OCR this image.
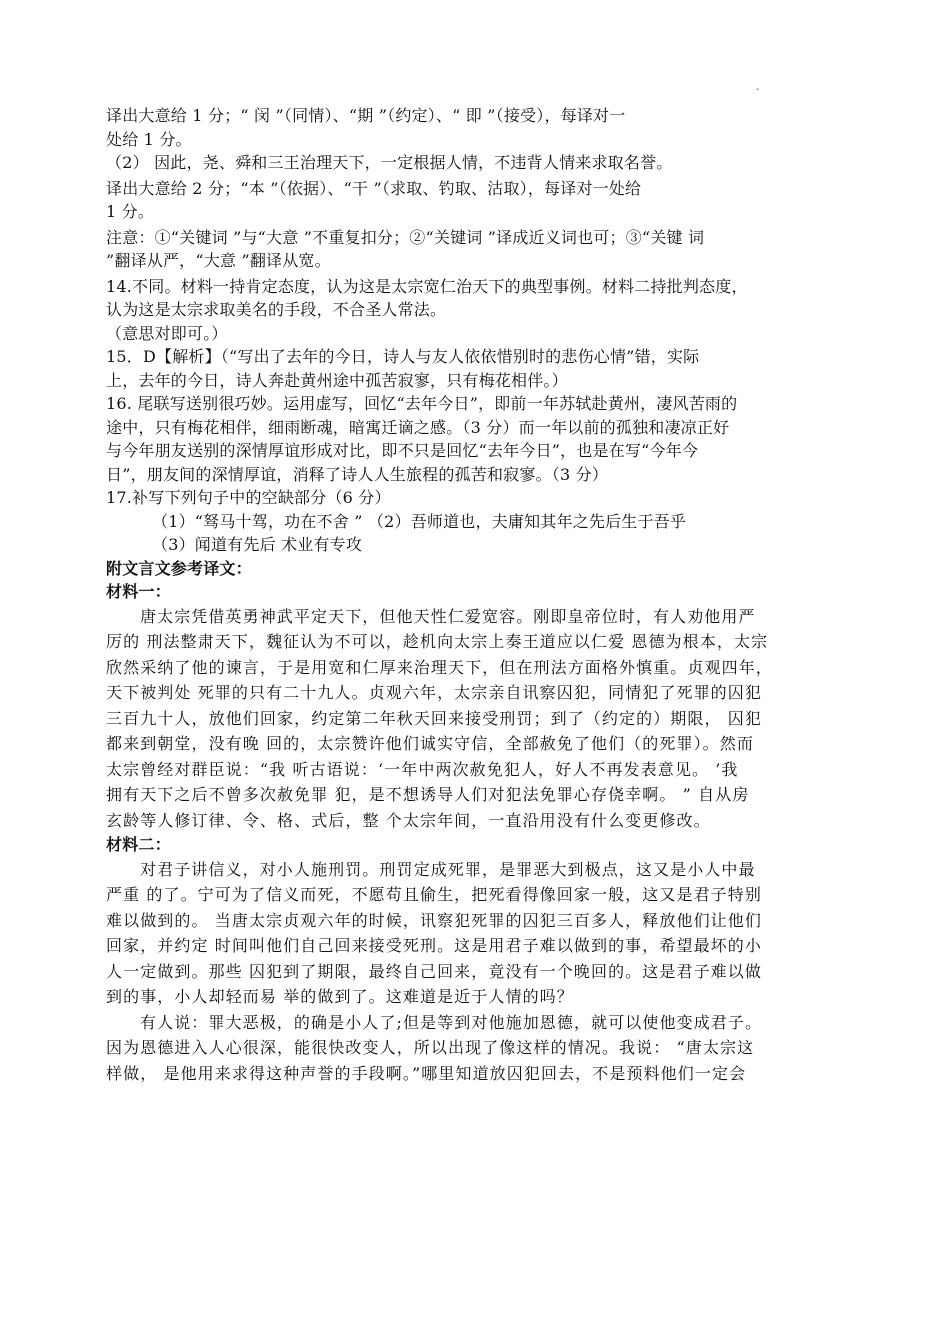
-
译出大意给 1 分；“ 闵 ”（同情）、“期 ”（约定）、“ 即 ”（接受），每译对一
处给 1 分。
（2） 因此，尧、舜和三王治理天下，一定根据人情，不违背人情来求取名誉。
译出大意给 2 分；“本 ”（依据）、“干 ”（求取、钓取、沽取），每译对一处给
1 分。
注意：①“关键词 ”与“大意 ”不重复扣分；②“关键词 ”译成近义词也可；③“关键 词
”翻译从严，“大意 ”翻译从宽。
14.不同。材料一持肯定态度，认为这是太宗宽仁治天下的典型事例。材料二持批判态度，
认为这是太宗求取美名的手段，不合圣人常法。
（意思对即可。）
15．D【解析】（“写出了去年的今日，诗人与友人依依惜别时的悲伤心情”错，实际
上，去年的今日，诗人奔赴黄州途中孤苦寂寥，只有梅花相伴。）
16. 尾联写送别很巧妙。运用虚写，回忆“去年今日”，即前一年苏轼赴黄州，凄风苦雨的
途中，只有梅花相伴，细雨断魂，暗寓迁谪之感。（3 分）而一年以前的孤独和凄凉正好
与今年朋友送别的深情厚谊形成对比，即不只是回忆“去年今日”，也是在写“今年今
日”，朋友间的深情厚谊，消释了诗人人生旅程的孤苦和寂寥。（3 分）
17.补写下列句子中的空缺部分（6 分）
（1）“驽马十驾，功在不舍 ” （2）吾师道也，夫庸知其年之先后生于吾乎
（3）闻道有先后 术业有专攻
附文言文参考译文：
材料一：
唐太宗凭借英勇神武平定天下，但他天性仁爱宽容。刚即皇帝位时，有人劝他用严
厉的 刑法整肃天下，魏征认为不可以，趁机向太宗上奏王道应以仁爱 恩德为根本，太宗
欣然采纳了他的谏言，于是用宽和仁厚来治理天下，但在刑法方面格外慎重。贞观四年，
天下被判处 死罪的只有二十九人。贞观六年，太宗亲自讯察囚犯，同情犯了死罪的囚犯
三百九十人，放他们回家，约定第二年秋天回来接受刑罚；到了（约定的）期限， 囚犯
都来到朝堂，没有晚 回的，太宗赞许他们诚实守信，全部赦免了他们（的死罪）。然而
太宗曾经对群臣说：“我 听古语说：‘一年中两次赦免犯人，好人不再发表意见。 ’我
拥有天下之后不曾多次赦免罪 犯，是不想诱导人们对犯法免罪心存侥幸啊。 ” 自从房
玄龄等人修订律、令、格、式后，整 个太宗年间，一直沿用没有什么变更修改。
材料二：
对君子讲信义，对小人施刑罚。刑罚定成死罪，是罪恶大到极点，这又是小人中最
严重 的了。宁可为了信义而死，不愿苟且偷生，把死看得像回家一般，这又是君子特别
难以做到的。 当唐太宗贞观六年的时候，讯察犯死罪的囚犯三百多人，释放他们让他们
回家，并约定 时间叫他们自己回来接受死刑。这是用君子难以做到的事，希望最坏的小
人一定做到。那些 囚犯到了期限，最终自己回来，竟没有一个晚回的。这是君子难以做
到的事，小人却轻而易 举的做到了。这难道是近于人情的吗？
有人说：罪大恶极，的确是小人了;但是等到对他施加恩德，就可以使他变成君子。
因为恩德进入人心很深，能很快改变人，所以出现了像这样的情况。我说： “唐太宗这
样做， 是他用来求得这种声誉的手段啊。”哪里知道放囚犯回去，不是预料他们一定会
